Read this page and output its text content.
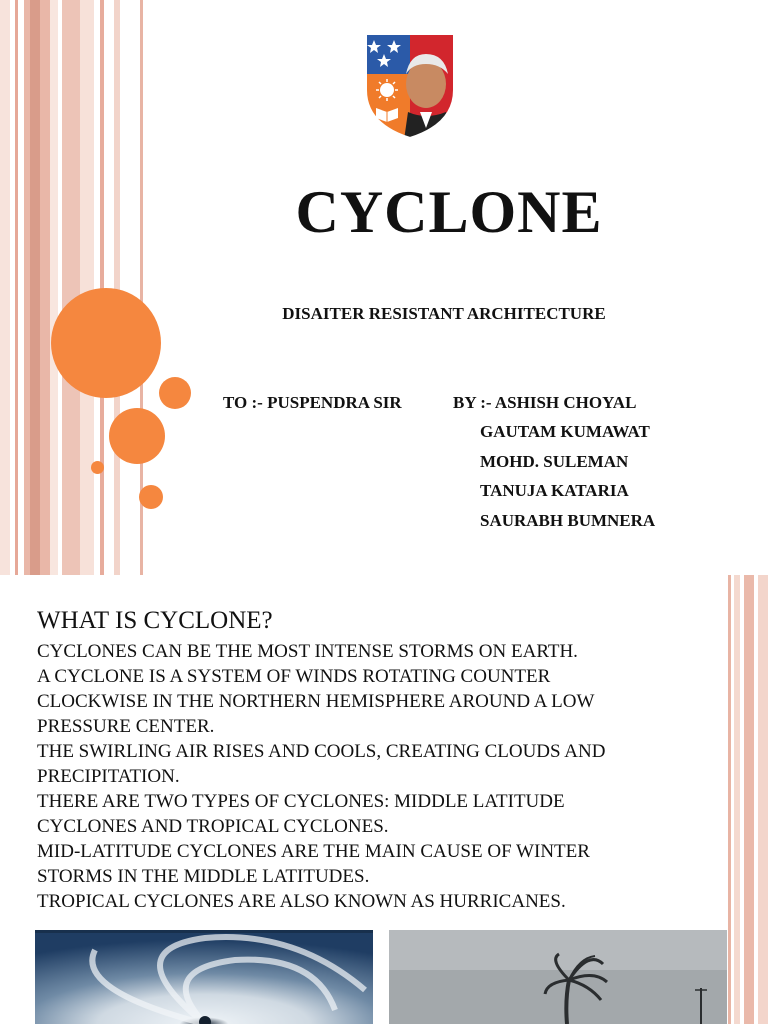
CYCLONE
DISAITER RESISTANT ARCHITECTURE
TO :- PUSPENDRA SIR	BY :- ASHISH CHOYAL
GAUTAM KUMAWAT
MOHD. SULEMAN
TANUJA KATARIA
SAURABH BUMNERA
WHAT IS CYCLONE?
CYCLONES CAN BE THE MOST INTENSE STORMS ON EARTH.
A CYCLONE IS A SYSTEM OF WINDS ROTATING COUNTER
CLOCKWISE IN THE NORTHERN HEMISPHERE AROUND A LOW
PRESSURE CENTER.
THE SWIRLING AIR RISES AND COOLS, CREATING CLOUDS AND
PRECIPITATION.
THERE ARE TWO TYPES OF CYCLONES: MIDDLE LATITUDE
CYCLONES AND TROPICAL CYCLONES.
MID-LATITUDE CYCLONES ARE THE MAIN CAUSE OF WINTER
STORMS IN THE MIDDLE LATITUDES.
TROPICAL CYCLONES ARE ALSO KNOWN AS HURRICANES.
